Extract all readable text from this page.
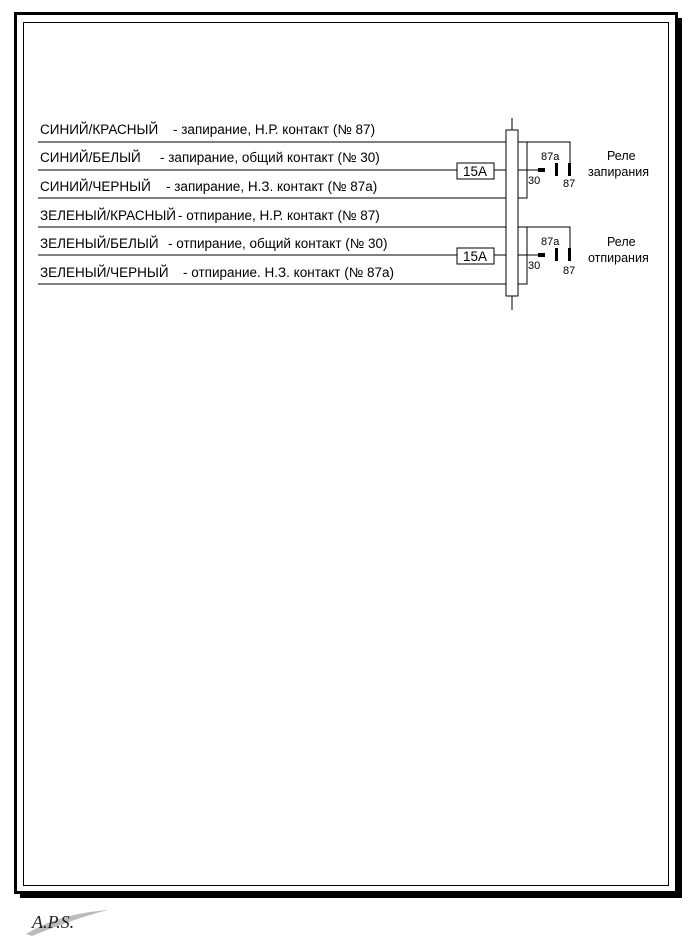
СИНИЙ/КРАСНЫЙ - запирание, Н.Р. контакт (№ 87)
СИНИЙ/БЕЛЫЙ - запирание, общий контакт (№ 30)
СИНИЙ/ЧЕРНЫЙ - запирание, Н.З. контакт (№ 87а)
ЗЕЛЕНЫЙ/КРАСНЫЙ - отпирание, Н.Р. контакт (№ 87)
ЗЕЛЕНЫЙ/БЕЛЫЙ - отпирание, общий контакт (№ 30)
ЗЕЛЕНЫЙ/ЧЕРНЫЙ - отпирание. Н.З. контакт (№ 87а)
15А
15А
87а
30 87
Реле
запирания
87а
30 87
Реле
отпирания
A.P.S.
